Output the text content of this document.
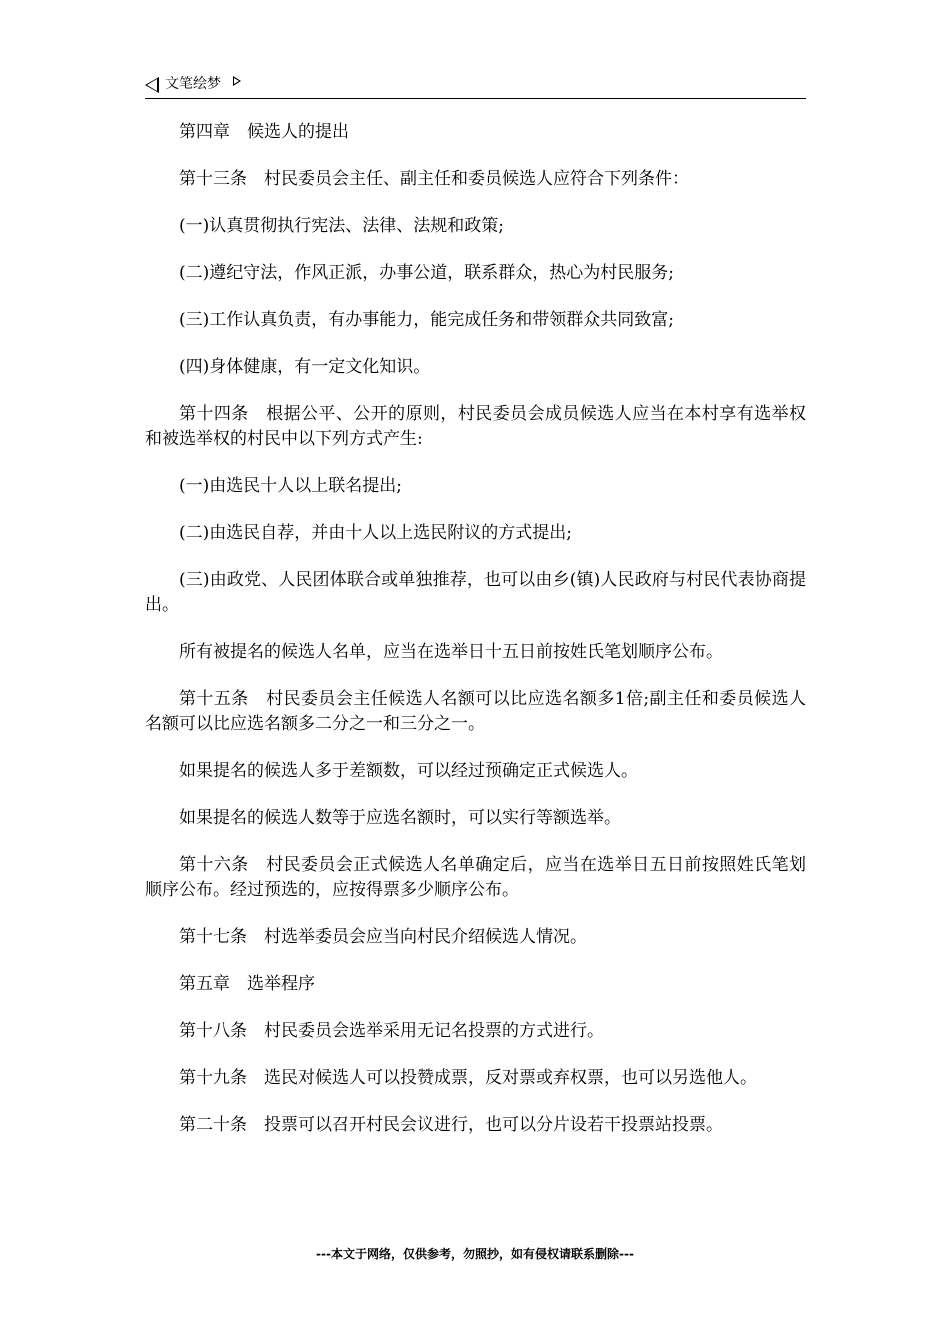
文笔绘梦

第四章　候选人的提出

第十三条　村民委员会主任、副主任和委员候选人应符合下列条件：

(一)认真贯彻执行宪法、法律、法规和政策;

(二)遵纪守法，作风正派，办事公道，联系群众，热心为村民服务;

(三)工作认真负责，有办事能力，能完成任务和带领群众共同致富;

(四)身体健康，有一定文化知识。

第十四条　根据公平、公开的原则，村民委员会成员候选人应当在本村享有选举权和被选举权的村民中以下列方式产生:

(一)由选民十人以上联名提出;

(二)由选民自荐，并由十人以上选民附议的方式提出;

(三)由政党、人民团体联合或单独推荐，也可以由乡(镇)人民政府与村民代表协商提出。

所有被提名的候选人名单，应当在选举日十五日前按姓氏笔划顺序公布。

第十五条　村民委员会主任候选人名额可以比应选名额多1倍;副主任和委员候选人名额可以比应选名额多二分之一和三分之一。

如果提名的候选人多于差额数，可以经过预确定正式候选人。

如果提名的候选人数等于应选名额时，可以实行等额选举。

第十六条　村民委员会正式候选人名单确定后，应当在选举日五日前按照姓氏笔划顺序公布。经过预选的，应按得票多少顺序公布。

第十七条　村选举委员会应当向村民介绍候选人情况。

第五章　选举程序

第十八条　村民委员会选举采用无记名投票的方式进行。

第十九条　选民对候选人可以投赞成票，反对票或弃权票，也可以另选他人。

第二十条　投票可以召开村民会议进行，也可以分片设若干投票站投票。

---本文于网络，仅供参考，勿照抄，如有侵权请联系删除---
